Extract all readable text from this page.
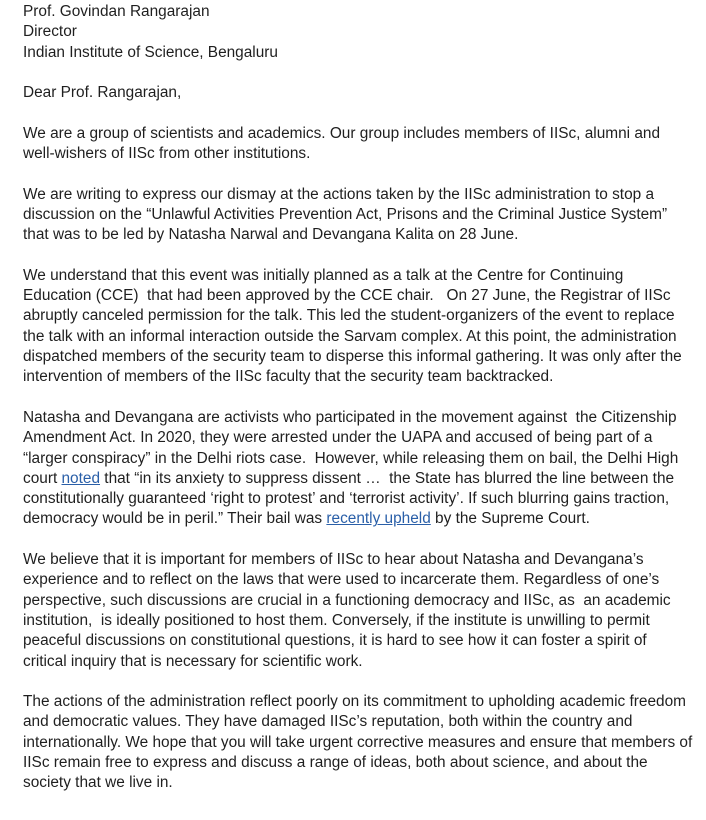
Prof. Govindan Rangarajan
Director
Indian Institute of Science, Bengaluru

Dear Prof. Rangarajan,

We are a group of scientists and academics. Our group includes members of IISc, alumni and well-wishers of IISc from other institutions.

We are writing to express our dismay at the actions taken by the IISc administration to stop a discussion on the “Unlawful Activities Prevention Act, Prisons and the Criminal Justice System” that was to be led by Natasha Narwal and Devangana Kalita on 28 June.

We understand that this event was initially planned as a talk at the Centre for Continuing Education (CCE)  that had been approved by the CCE chair.   On 27 June, the Registrar of IISc abruptly canceled permission for the talk. This led the student-organizers of the event to replace the talk with an informal interaction outside the Sarvam complex. At this point, the administration dispatched members of the security team to disperse this informal gathering. It was only after the intervention of members of the IISc faculty that the security team backtracked.

Natasha and Devangana are activists who participated in the movement against  the Citizenship Amendment Act. In 2020, they were arrested under the UAPA and accused of being part of a “larger conspiracy” in the Delhi riots case.  However, while releasing them on bail, the Delhi High court noted that “in its anxiety to suppress dissent …  the State has blurred the line between the constitutionally guaranteed ‘right to protest’ and ‘terrorist activity’. If such blurring gains traction, democracy would be in peril.” Their bail was recently upheld by the Supreme Court.

We believe that it is important for members of IISc to hear about Natasha and Devangana’s experience and to reflect on the laws that were used to incarcerate them. Regardless of one’s perspective, such discussions are crucial in a functioning democracy and IISc, as  an academic institution,  is ideally positioned to host them. Conversely, if the institute is unwilling to permit peaceful discussions on constitutional questions, it is hard to see how it can foster a spirit of critical inquiry that is necessary for scientific work.

The actions of the administration reflect poorly on its commitment to upholding academic freedom and democratic values. They have damaged IISc’s reputation, both within the country and internationally. We hope that you will take urgent corrective measures and ensure that members of IISc remain free to express and discuss a range of ideas, both about science, and about the society that we live in.
